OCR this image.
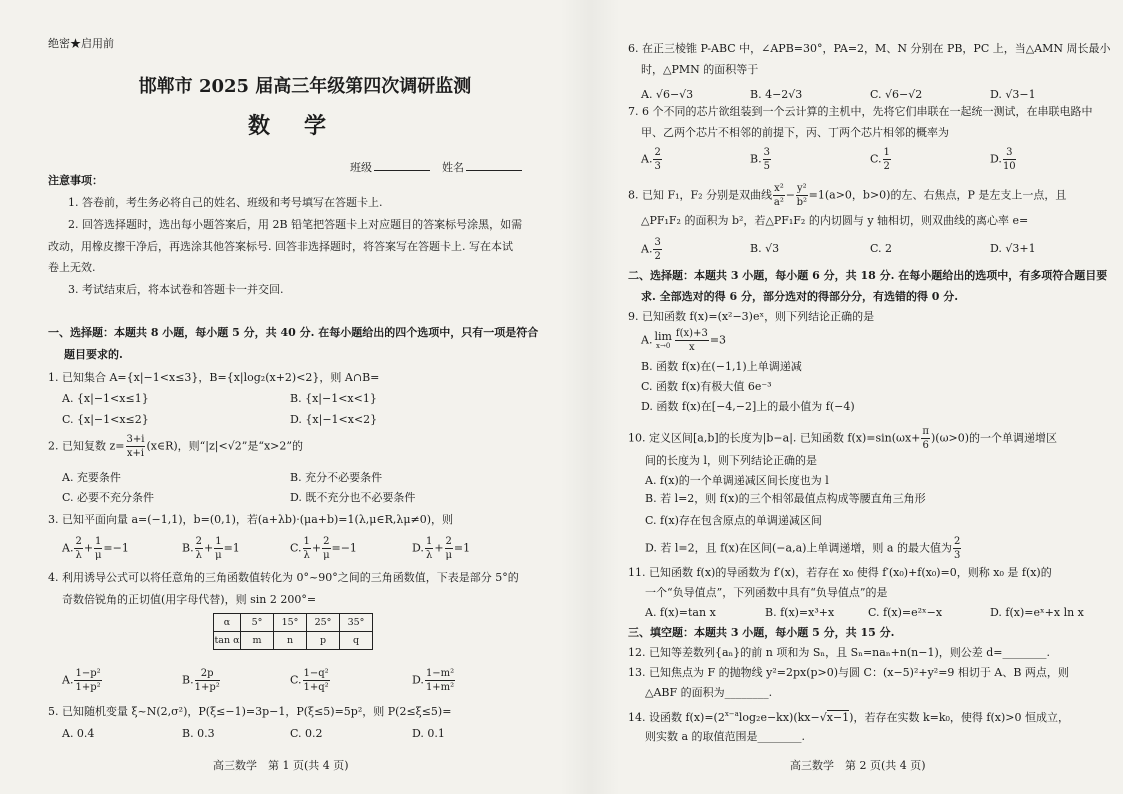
绝密★启用前
邯郸市 2025 届高三年级第四次调研监测
数　学
班级	姓名
注意事项：
1. 答卷前，考生务必将自己的姓名、班级和考号填写在答题卡上.
2. 回答选择题时，选出每小题答案后，用 2B 铅笔把答题卡上对应题目的答案标号涂黑，如需
改动，用橡皮擦干净后，再选涂其他答案标号. 回答非选择题时，将答案写在答题卡上. 写在本试
卷上无效.
3. 考试结束后，将本试卷和答题卡一并交回.
一、选择题：本题共 8 小题，每小题 5 分，共 40 分. 在每小题给出的四个选项中，只有一项是符合
题目要求的.
1. 已知集合 A={x|−1<x≤3}，B={x|log₂(x+2)<2}，则 A∩B=
A. {x|−1<x≤1}	B. {x|−1<x<1}
C. {x|−1<x≤2}	D. {x|−1<x<2}
2. 已知复数 $z= \frac{3+i}{x+i}$ (x∈R)，则“|z|<√2”是“x>2”的
A. 充要条件	B. 充分不必要条件
C. 必要不充分条件	D. 既不充分也不必要条件
3. 已知平面向量 a=(−1,1)，b=(0,1)，若(a+λb)·(μa+b)=1(λ,μ∈R,λμ≠0)，则
A. $\frac{2}{\lambda} + \frac{1}{\mu} =-1$	B. $\frac{2}{\lambda} + \frac{1}{\mu} =1$	C. $\frac{1}{\lambda} + \frac{2}{\mu} =-1$	D. $\frac{1}{\lambda} + \frac{2}{\mu} =1$
4. 利用诱导公式可以将任意角的三角函数值转化为 0°~90°之间的三角函数值，下表是部分 5°的
奇数倍锐角的正切值(用字母代替)，则 sin 2 200°=
α	5°	15°	25°	35°
tan α	m	n	p	q
A. $\frac{\text{1−p²}}{\text{1+p²}}$	B. $\frac{2p}{\text{1+p²}}$	C. $\frac{\text{1−q²}}{\text{1+q²}}$	D. $\frac{\text{1−m²}}{\text{1+m²}}$
5. 已知随机变量 ξ~N(2,σ²)，P(ξ≤−1)=3p−1，P(ξ≤5)=5p²，则 P(2≤ξ≤5)=
A. 0.4	B. 0.3	C. 0.2	D. 0.1
高三数学　第 1 页(共 4 页)
6. 在正三棱锥 P-ABC 中，∠APB=30°，PA=2，M、N 分别在 PB，PC 上，当△AMN 周长最小
时，△PMN 的面积等于
A. √6−√3	B. 4−2√3	C. √6−√2	D. √3−1
7. 6 个不同的芯片欲组装到一个云计算的主机中，先将它们串联在一起统一测试，在串联电路中
甲、乙两个芯片不相邻的前提下，丙、丁两个芯片相邻的概率为
A. $\frac{2}{3}$	B. $\frac{3}{5}$	C. $\frac{1}{2}$	D. $\frac{3}{10}$
8. 已知 F₁，F₂ 分别是双曲线 $\frac{\text{x²}}{\text{a²}} - \frac{\text{y²}}{\text{b²}} =1(a>0$，b>0)的左、右焦点，P 是左支上一点，且
△PF₁F₂ 的面积为 b²，若△PF₁F₂ 的内切圆与 y 轴相切，则双曲线的离心率 e=
A. $\frac{3}{2}$	B. √3	C. 2	D. √3+1
二、选择题：本题共 3 小题，每小题 6 分，共 18 分. 在每小题给出的选项中，有多项符合题目要
求. 全部选对的得 6 分，部分选对的得部分分，有选错的得 0 分.
9. 已知函数 f(x)=(x²−3)eˣ，则下列结论正确的是
A. lim
$x\to 0 \frac{f(x)+3}{x} =3$
B. 函数 f(x)在(−1,1)上单调递减
C. 函数 f(x)有极大值 6e⁻³
D. 函数 f(x)在[−4,−2]上的最小值为 f(−4)
10. 定义区间[a,b]的长度为|b−a|. 已知函数 $f(x)=\sin(\omega x+ \frac{\pi}{6} )(\omega>0)$的一个单调递增区
间的长度为 l，则下列结论正确的是
A. f(x)的一个单调递减区间长度也为 l
B. 若 l=2，则 f(x)的三个相邻最值点构成等腰直角三角形
C. f(x)存在包含原点的单调递减区间
D. 若 l=2，且 f(x)在区间(−a,a)上单调递增，则 a 的最大值为 $\frac{2}{3}$
11. 已知函数 f(x)的导函数为 f′(x)，若存在 x₀ 使得 f′(x₀)+f(x₀)=0，则称 x₀ 是 f(x)的
一个“负导值点”，下列函数中具有“负导值点”的是
A. f(x)=tan x	B. f(x)=x³+x	C. f(x)=e²ˣ−x	D. f(x)=eˣ+x ln x
三、填空题：本题共 3 小题，每小题 5 分，共 15 分.
12. 已知等差数列{aₙ}的前 n 项和为 Sₙ，且 Sₙ=naₙ+n(n−1)，则公差 d=________.
13. 已知焦点为 F 的抛物线 y²=2px(p>0)与圆 C：(x−5)²+y²=9 相切于 A、B 两点，则
△ABF 的面积为________.
14. 设函数 $f(x)=(2^{x-a}\log_2e-kx)(kx-√x-1)$，若存在实数 k=k₀，使得 f(x)>0 恒成立，
则实数 a 的取值范围是________.
高三数学　第 2 页(共 4 页)
